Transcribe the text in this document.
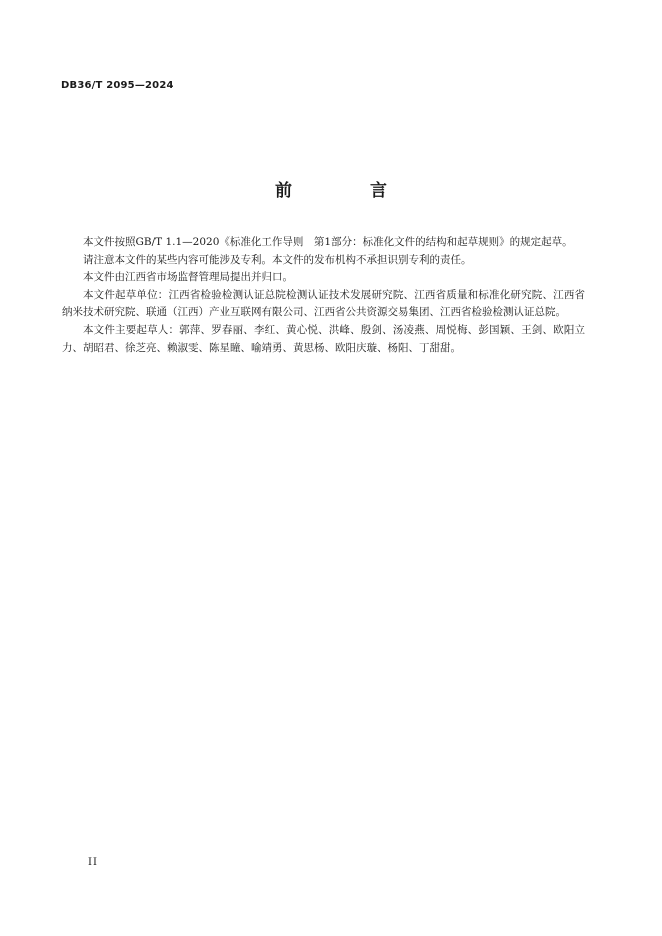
DB36/T 2095—2024
前 言

本文件按照GB/T 1.1—2020《标准化工作导则　第1部分：标准化文件的结构和起草规则》的规定起草。

请注意本文件的某些内容可能涉及专利。本文件的发布机构不承担识别专利的责任。

本文件由江西省市场监督管理局提出并归口。

本文件起草单位：江西省检验检测认证总院检测认证技术发展研究院、江西省质量和标准化研究院、江西省纳米技术研究院、联通（江西）产业互联网有限公司、江西省公共资源交易集团、江西省检验检测认证总院。

本文件主要起草人：郭萍、罗春丽、李红、黄心悦、洪峰、殷剑、汤凌燕、周悦梅、彭国颖、王剑、欧阳立力、胡昭君、徐芝亮、赖淑雯、陈星瞳、喻靖勇、黄思杨、欧阳庆璇、杨阳、丁甜甜。

II
